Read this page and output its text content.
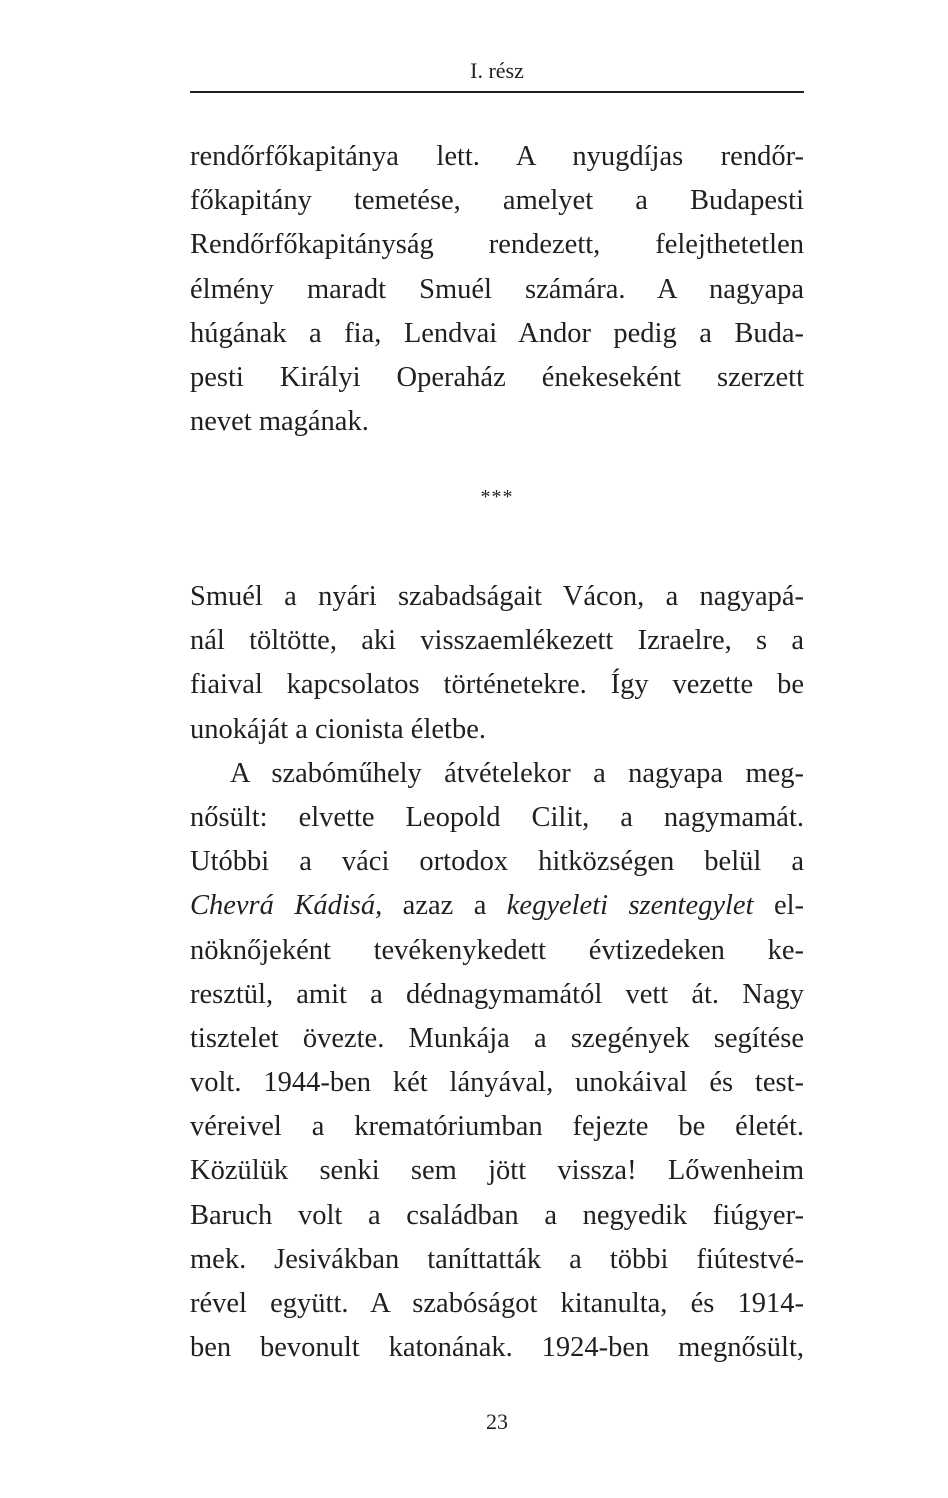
I. rész

rendőrfőkapitánya lett. A nyugdíjas rendőr-
főkapitány temetése, amelyet a Budapesti
Rendőrfőkapitányság rendezett, felejthetetlen
élmény maradt Smuél számára. A nagyapa
húgának a fia, Lendvai Andor pedig a Buda-
pesti Királyi Operaház énekeseként szerzett
nevet magának.

***

Smuél a nyári szabadságait Vácon, a nagyapá-
nál töltötte, aki visszaemlékezett Izraelre, s a
fiaival kapcsolatos történetekre. Így vezette be
unokáját a cionista életbe.

A szabóműhely átvételekor a nagyapa meg-
nősült: elvette Leopold Cilit, a nagymamát.
Utóbbi a váci ortodox hitközségen belül a
Chevrá Kádisá, azaz a kegyeleti szentegylet el-
nöknőjeként tevékenykedett évtizedeken ke-
resztül, amit a dédnagymamától vett át. Nagy
tisztelet övezte. Munkája a szegények segítése
volt. 1944-ben két lányával, unokáival és test-
véreivel a krematóriumban fejezte be életét.
Közülük senki sem jött vissza! Lőwenheim
Baruch volt a családban a negyedik fiúgyer-
mek. Jesivákban taníttatták a többi fiútestvé-
rével együtt. A szabóságot kitanulta, és 1914-
ben bevonult katonának. 1924-ben megnősült,

23
